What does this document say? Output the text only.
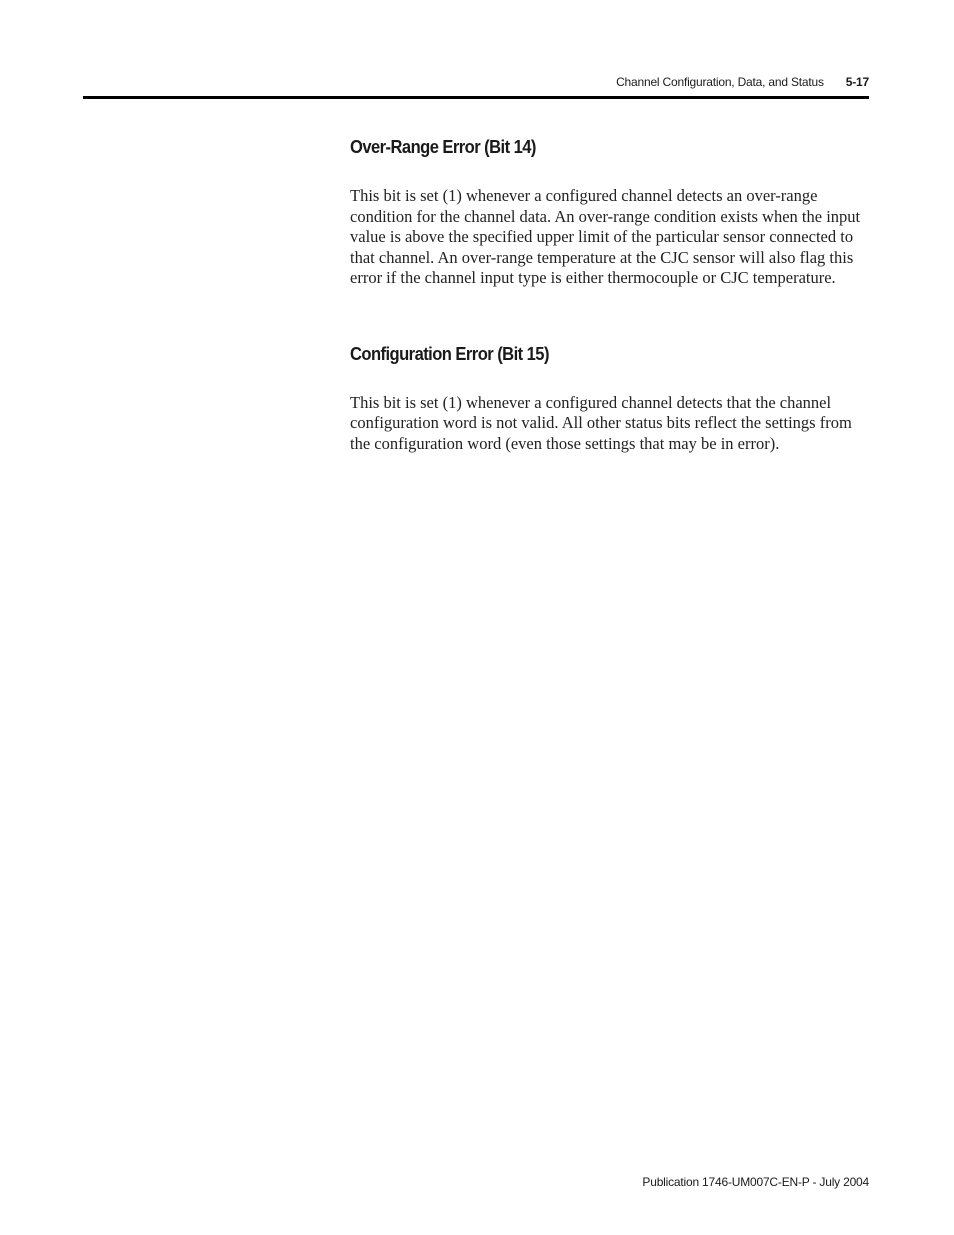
Channel Configuration, Data, and Status 5-17
Over-Range Error (Bit 14)

This bit is set (1) whenever a configured channel detects an over-range condition for the channel data. An over-range condition exists when the input value is above the specified upper limit of the particular sensor connected to that channel. An over-range temperature at the CJC sensor will also flag this error if the channel input type is either thermocouple or CJC temperature.

Configuration Error (Bit 15)

This bit is set (1) whenever a configured channel detects that the channel configuration word is not valid. All other status bits reflect the settings from the configuration word (even those settings that may be in error).

Publication 1746-UM007C-EN-P - July 2004
